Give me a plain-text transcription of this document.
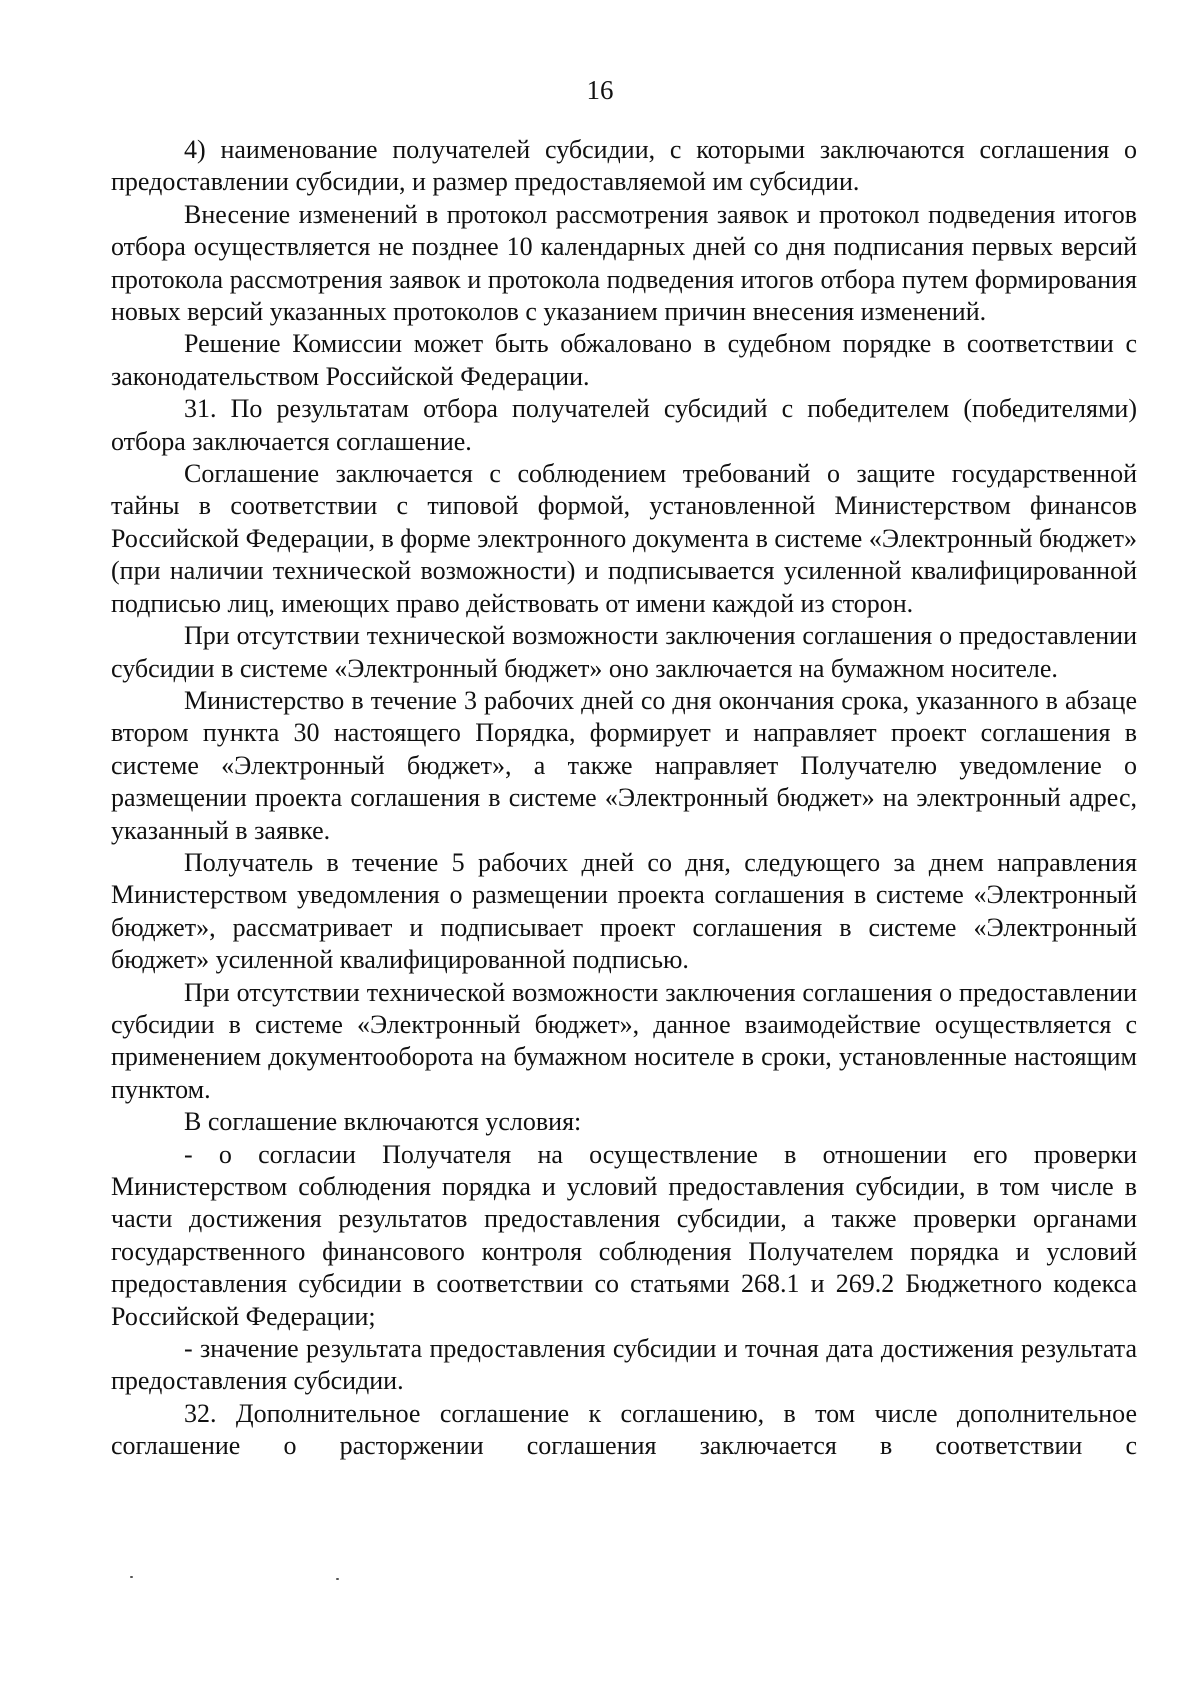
16

4) наименование получателей субсидии, с которыми заключаются соглашения о предоставлении субсидии, и размер предоставляемой им субсидии.

Внесение изменений в протокол рассмотрения заявок и протокол подведения итогов отбора осуществляется не позднее 10 календарных дней со дня подписания первых версий протокола рассмотрения заявок и протокола подведения итогов отбора путем формирования новых версий указанных протоколов с указанием причин внесения изменений.

Решение Комиссии может быть обжаловано в судебном порядке в соответствии с законодательством Российской Федерации.

31. По результатам отбора получателей субсидий с победителем (победителями) отбора заключается соглашение.

Соглашение заключается с соблюдением требований о защите государственной тайны в соответствии с типовой формой, установленной Министерством финансов Российской Федерации, в форме электронного документа в системе «Электронный бюджет» (при наличии технической возможности) и подписывается усиленной квалифицированной подписью лиц, имеющих право действовать от имени каждой из сторон.

При отсутствии технической возможности заключения соглашения о предоставлении субсидии в системе «Электронный бюджет» оно заключается на бумажном носителе.

Министерство в течение 3 рабочих дней со дня окончания срока, указанного в абзаце втором пункта 30 настоящего Порядка, формирует и направляет проект соглашения в системе «Электронный бюджет», а также направляет Получателю уведомление о размещении проекта соглашения в системе «Электронный бюджет» на электронный адрес, указанный в заявке.

Получатель в течение 5 рабочих дней со дня, следующего за днем направления Министерством уведомления о размещении проекта соглашения в системе «Электронный бюджет», рассматривает и подписывает проект соглашения в системе «Электронный бюджет» усиленной квалифицированной подписью.

При отсутствии технической возможности заключения соглашения о предоставлении субсидии в системе «Электронный бюджет», данное взаимодействие осуществляется с применением документооборота на бумажном носителе в сроки, установленные настоящим пунктом.

В соглашение включаются условия:

- о согласии Получателя на осуществление в отношении его проверки Министерством соблюдения порядка и условий предоставления субсидии, в том числе в части достижения результатов предоставления субсидии, а также проверки органами государственного финансового контроля соблюдения Получателем порядка и условий предоставления субсидии в соответствии со статьями 268.1 и 269.2 Бюджетного кодекса Российской Федерации;

- значение результата предоставления субсидии и точная дата достижения результата предоставления субсидии.

32. Дополнительное соглашение к соглашению, в том числе дополнительное соглашение о расторжении соглашения заключается в соответствии с
